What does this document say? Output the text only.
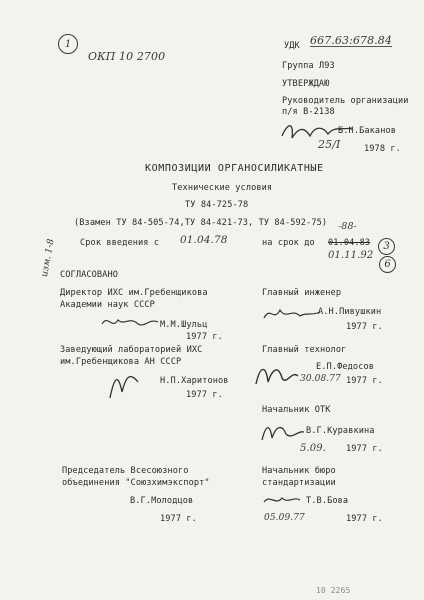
1
ОКП 10 2700
УДК 667.63:678.84
Группа Л93
УТВЕРЖДАЮ
Руководитель организации
п/я В-2138
Б.Н.Баканов
25/I	1978 г.
КОМПОЗИЦИИ ОРГАНОСИЛИКАТНЫЕ
Технические условия
ТУ 84-725-78
(Взамен ТУ 84-505-74,ТУ 84-421-73, ТУ 84-592-75)
изм. 1-8	Срок введения с 01.04.78	на срок до 01.04.83
-88-
01.11.92
3
6
СОГЛАСОВАНО
Директор ИХС им.Гребенщикова
Академии наук СССР
М.М.Шульц
1977 г.
Заведующий лабораторией ИХС
им.Гребенщикова АН СССР
Н.П.Харитонов
1977 г.
Председатель Всесоюзного
объединения "Союзхимэкспорт"
В.Г.Молодцов
1977 г.
Главный инженер
А.Н.Пивушкин
1977 г.
Главный технолог
Е.П.Федосов
30.08.77 1977 г.
Начальник ОТК
В.Г.Куравкина
5.09. 1977 г.
Начальник бюро
стандартизации
Т.В.Бова
05.09.77	1977 г.
10 2265
